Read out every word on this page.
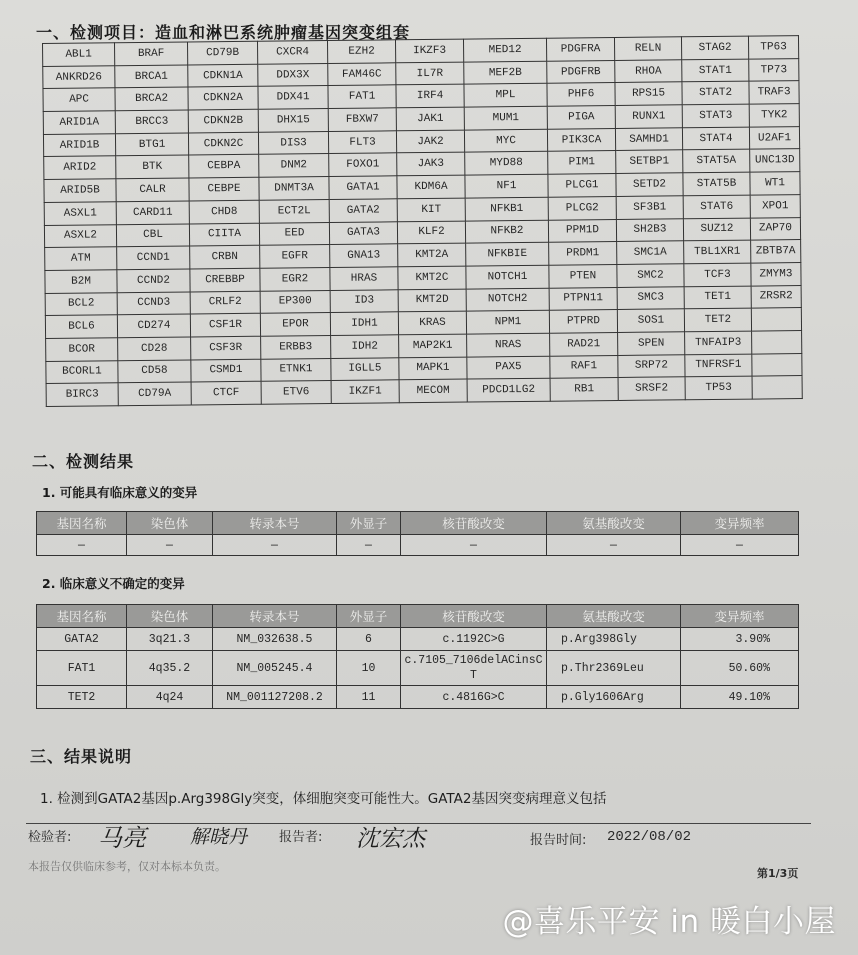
一、检测项目：造血和淋巴系统肿瘤基因突变组套
ABL1	BRAF	CD79B	CXCR4	EZH2	IKZF3	MED12	PDGFRA	RELN	STAG2	TP63
ANKRD26	BRCA1	CDKN1A	DDX3X	FAM46C	IL7R	MEF2B	PDGFRB	RHOA	STAT1	TP73
APC	BRCA2	CDKN2A	DDX41	FAT1	IRF4	MPL	PHF6	RPS15	STAT2	TRAF3
ARID1A	BRCC3	CDKN2B	DHX15	FBXW7	JAK1	MUM1	PIGA	RUNX1	STAT3	TYK2
ARID1B	BTG1	CDKN2C	DIS3	FLT3	JAK2	MYC	PIK3CA	SAMHD1	STAT4	U2AF1
ARID2	BTK	CEBPA	DNM2	FOXO1	JAK3	MYD88	PIM1	SETBP1	STAT5A	UNC13D
ARID5B	CALR	CEBPE	DNMT3A	GATA1	KDM6A	NF1	PLCG1	SETD2	STAT5B	WT1
ASXL1	CARD11	CHD8	ECT2L	GATA2	KIT	NFKB1	PLCG2	SF3B1	STAT6	XPO1
ASXL2	CBL	CIITA	EED	GATA3	KLF2	NFKB2	PPM1D	SH2B3	SUZ12	ZAP70
ATM	CCND1	CRBN	EGFR	GNA13	KMT2A	NFKBIE	PRDM1	SMC1A	TBL1XR1	ZBTB7A
B2M	CCND2	CREBBP	EGR2	HRAS	KMT2C	NOTCH1	PTEN	SMC2	TCF3	ZMYM3
BCL2	CCND3	CRLF2	EP300	ID3	KMT2D	NOTCH2	PTPN11	SMC3	TET1	ZRSR2
BCL6	CD274	CSF1R	EPOR	IDH1	KRAS	NPM1	PTPRD	SOS1	TET2	
BCOR	CD28	CSF3R	ERBB3	IDH2	MAP2K1	NRAS	RAD21	SPEN	TNFAIP3	
BCORL1	CD58	CSMD1	ETNK1	IGLL5	MAPK1	PAX5	RAF1	SRP72	TNFRSF1	
BIRC3	CD79A	CTCF	ETV6	IKZF1	MECOM	PDCD1LG2	RB1	SRSF2	TP53	
二、检测结果
1. 可能具有临床意义的变异
基因名称	染色体	转录本号	外显子	核苷酸改变	氨基酸改变	变异频率
—	—	—	—	—	—	—
2. 临床意义不确定的变异
基因名称	染色体	转录本号	外显子	核苷酸改变	氨基酸改变	变异频率
GATA2	3q21.3	NM_032638.5	6	c.1192C>G	p.Arg398Gly	3.90%
FAT1	4q35.2	NM_005245.4	10	c.7105_7106delACinsCT	p.Thr2369Leu	50.60%
TET2	4q24	NM_001127208.2	11	c.4816G>C	p.Gly1606Arg	49.10%
三、结果说明
1. 检测到GATA2基因p.Arg398Gly突变，体细胞突变可能性大。GATA2基因突变病理意义包括
检验者: 马亮 解晓丹 报告者: 沈宏杰	报告时间: 2022/08/02
本报告仅供临床参考，仅对本标本负责。
第1/3页
@喜乐平安 in 暖白小屋
